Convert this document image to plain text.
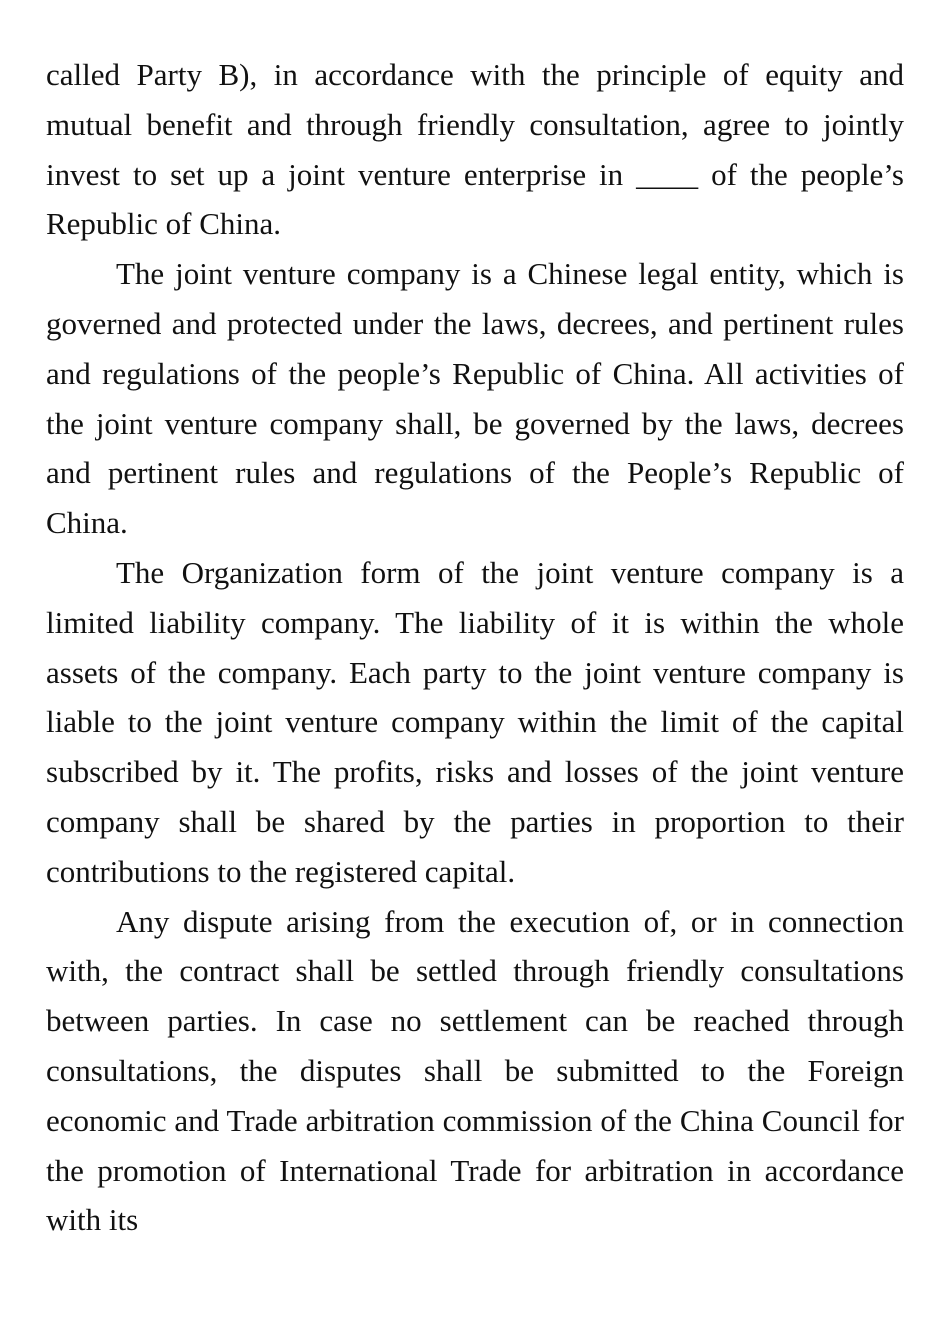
called Party B), in accordance with the principle of equity and mutual benefit and through friendly consultation, agree to jointly invest to set up a joint venture enterprise in ____ of the people’s Republic of China.

The joint venture company is a Chinese legal entity, which is governed and protected under the laws, decrees, and pertinent rules and regulations of the people’s Republic of China. All activities of the joint venture company shall, be governed by the laws, decrees and pertinent rules and regulations of the People’s Republic of China.

The Organization form of the joint venture company is a limited liability company. The liability of it is within the whole assets of the company. Each party to the joint venture company is liable to the joint venture company within the limit of the capital subscribed by it. The profits, risks and losses of the joint venture company shall be shared by the parties in proportion to their contributions to the registered capital.

Any dispute arising from the execution of, or in connection with, the contract shall be settled through friendly consultations between parties. In case no settlement can be reached through consultations, the disputes shall be submitted to the Foreign economic and Trade arbitration commission of the China Council for the promotion of International Trade for arbitration in accordance with its
